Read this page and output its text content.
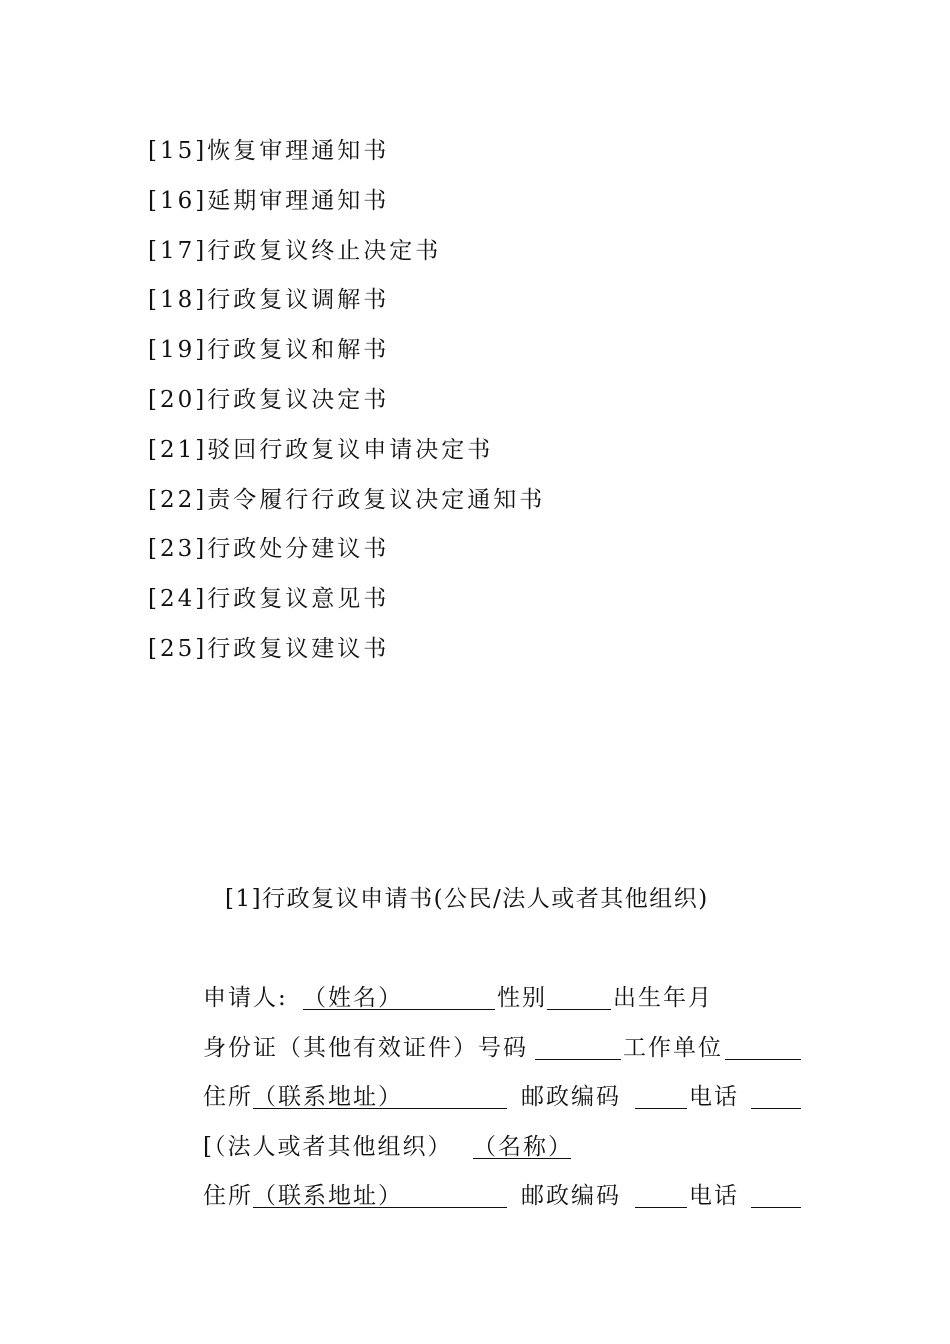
[15]恢复审理通知书
[16]延期审理通知书
[17]行政复议终止决定书
[18]行政复议调解书
[19]行政复议和解书
[20]行政复议决定书
[21]驳回行政复议申请决定书
[22]责令履行行政复议决定通知书
[23]行政处分建议书
[24]行政复议意见书
[25]行政复议建议书
[1]行政复议申请书(公民/法人或者其他组织)
申请人: （姓名）	性别	出生年月
身份证（其他有效证件）号码	工作单位
住所 （联系地址）	邮政编码	电话
[（法人或者其他组织） （名称）
住所 （联系地址）	邮政编码	电话
